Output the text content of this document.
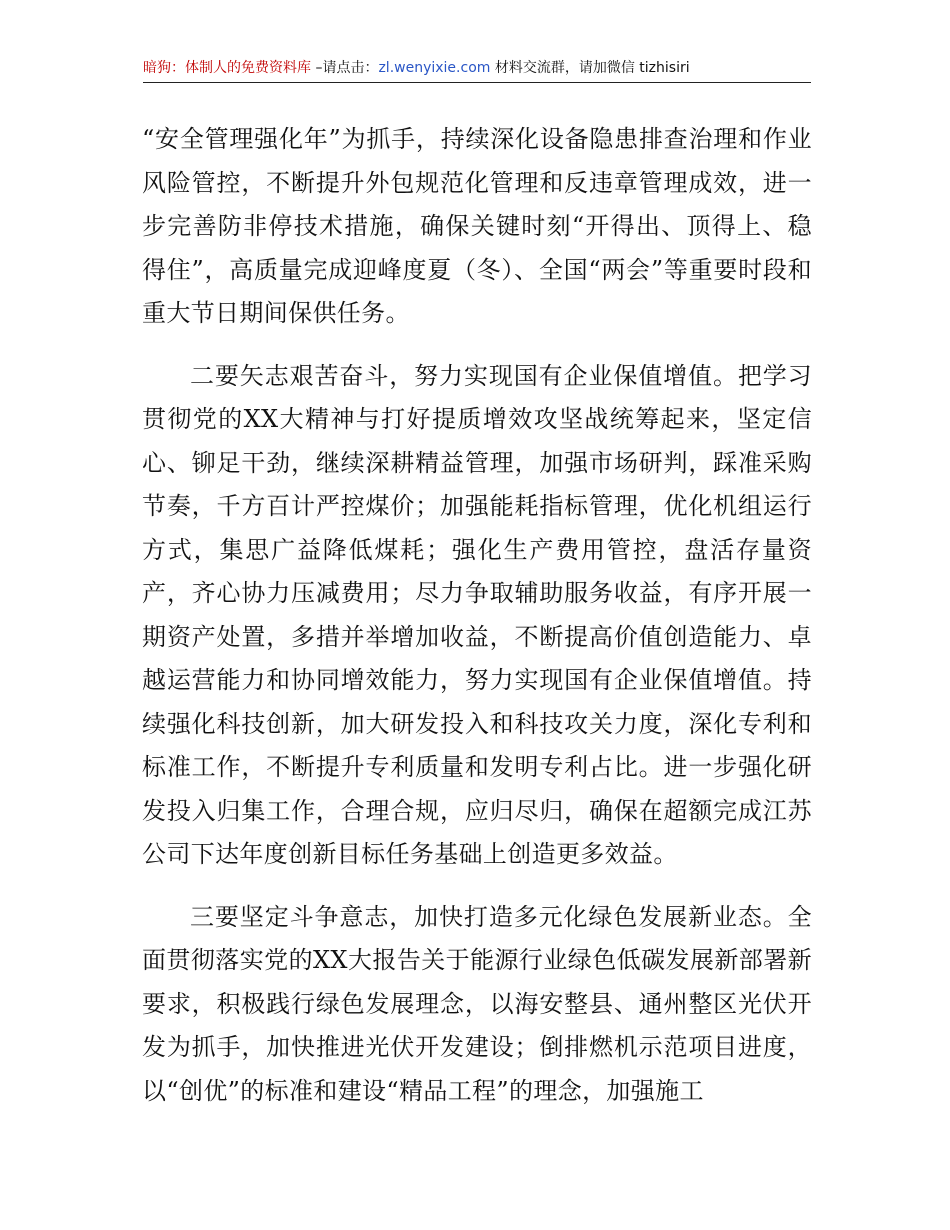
暗狗：体制人的免费资料库 –请点击：zl.wenyixie.com 材料交流群，请加微信 tizhisiri

“安全管理强化年”为抓手，持续深化设备隐患排查治理和作业风险管控，不断提升外包规范化管理和反违章管理成效，进一步完善防非停技术措施，确保关键时刻“开得出、顶得上、稳得住”，高质量完成迎峰度夏（冬）、全国“两会”等重要时段和重大节日期间保供任务。

二要矢志艰苦奋斗，努力实现国有企业保值增值。把学习贯彻党的XX大精神与打好提质增效攻坚战统筹起来，坚定信心、铆足干劲，继续深耕精益管理，加强市场研判，踩准采购节奏，千方百计严控煤价；加强能耗指标管理，优化机组运行方式，集思广益降低煤耗；强化生产费用管控，盘活存量资产，齐心协力压减费用；尽力争取辅助服务收益，有序开展一期资产处置，多措并举增加收益，不断提高价值创造能力、卓越运营能力和协同增效能力，努力实现国有企业保值增值。持续强化科技创新，加大研发投入和科技攻关力度，深化专利和标准工作，不断提升专利质量和发明专利占比。进一步强化研发投入归集工作，合理合规，应归尽归，确保在超额完成江苏公司下达年度创新目标任务基础上创造更多效益。

三要坚定斗争意志，加快打造多元化绿色发展新业态。全面贯彻落实党的XX大报告关于能源行业绿色低碳发展新部署新要求，积极践行绿色发展理念，以海安整县、通州整区光伏开发为抓手，加快推进光伏开发建设；倒排燃机示范项目进度，以“创优”的标准和建设“精品工程”的理念，加强施工
